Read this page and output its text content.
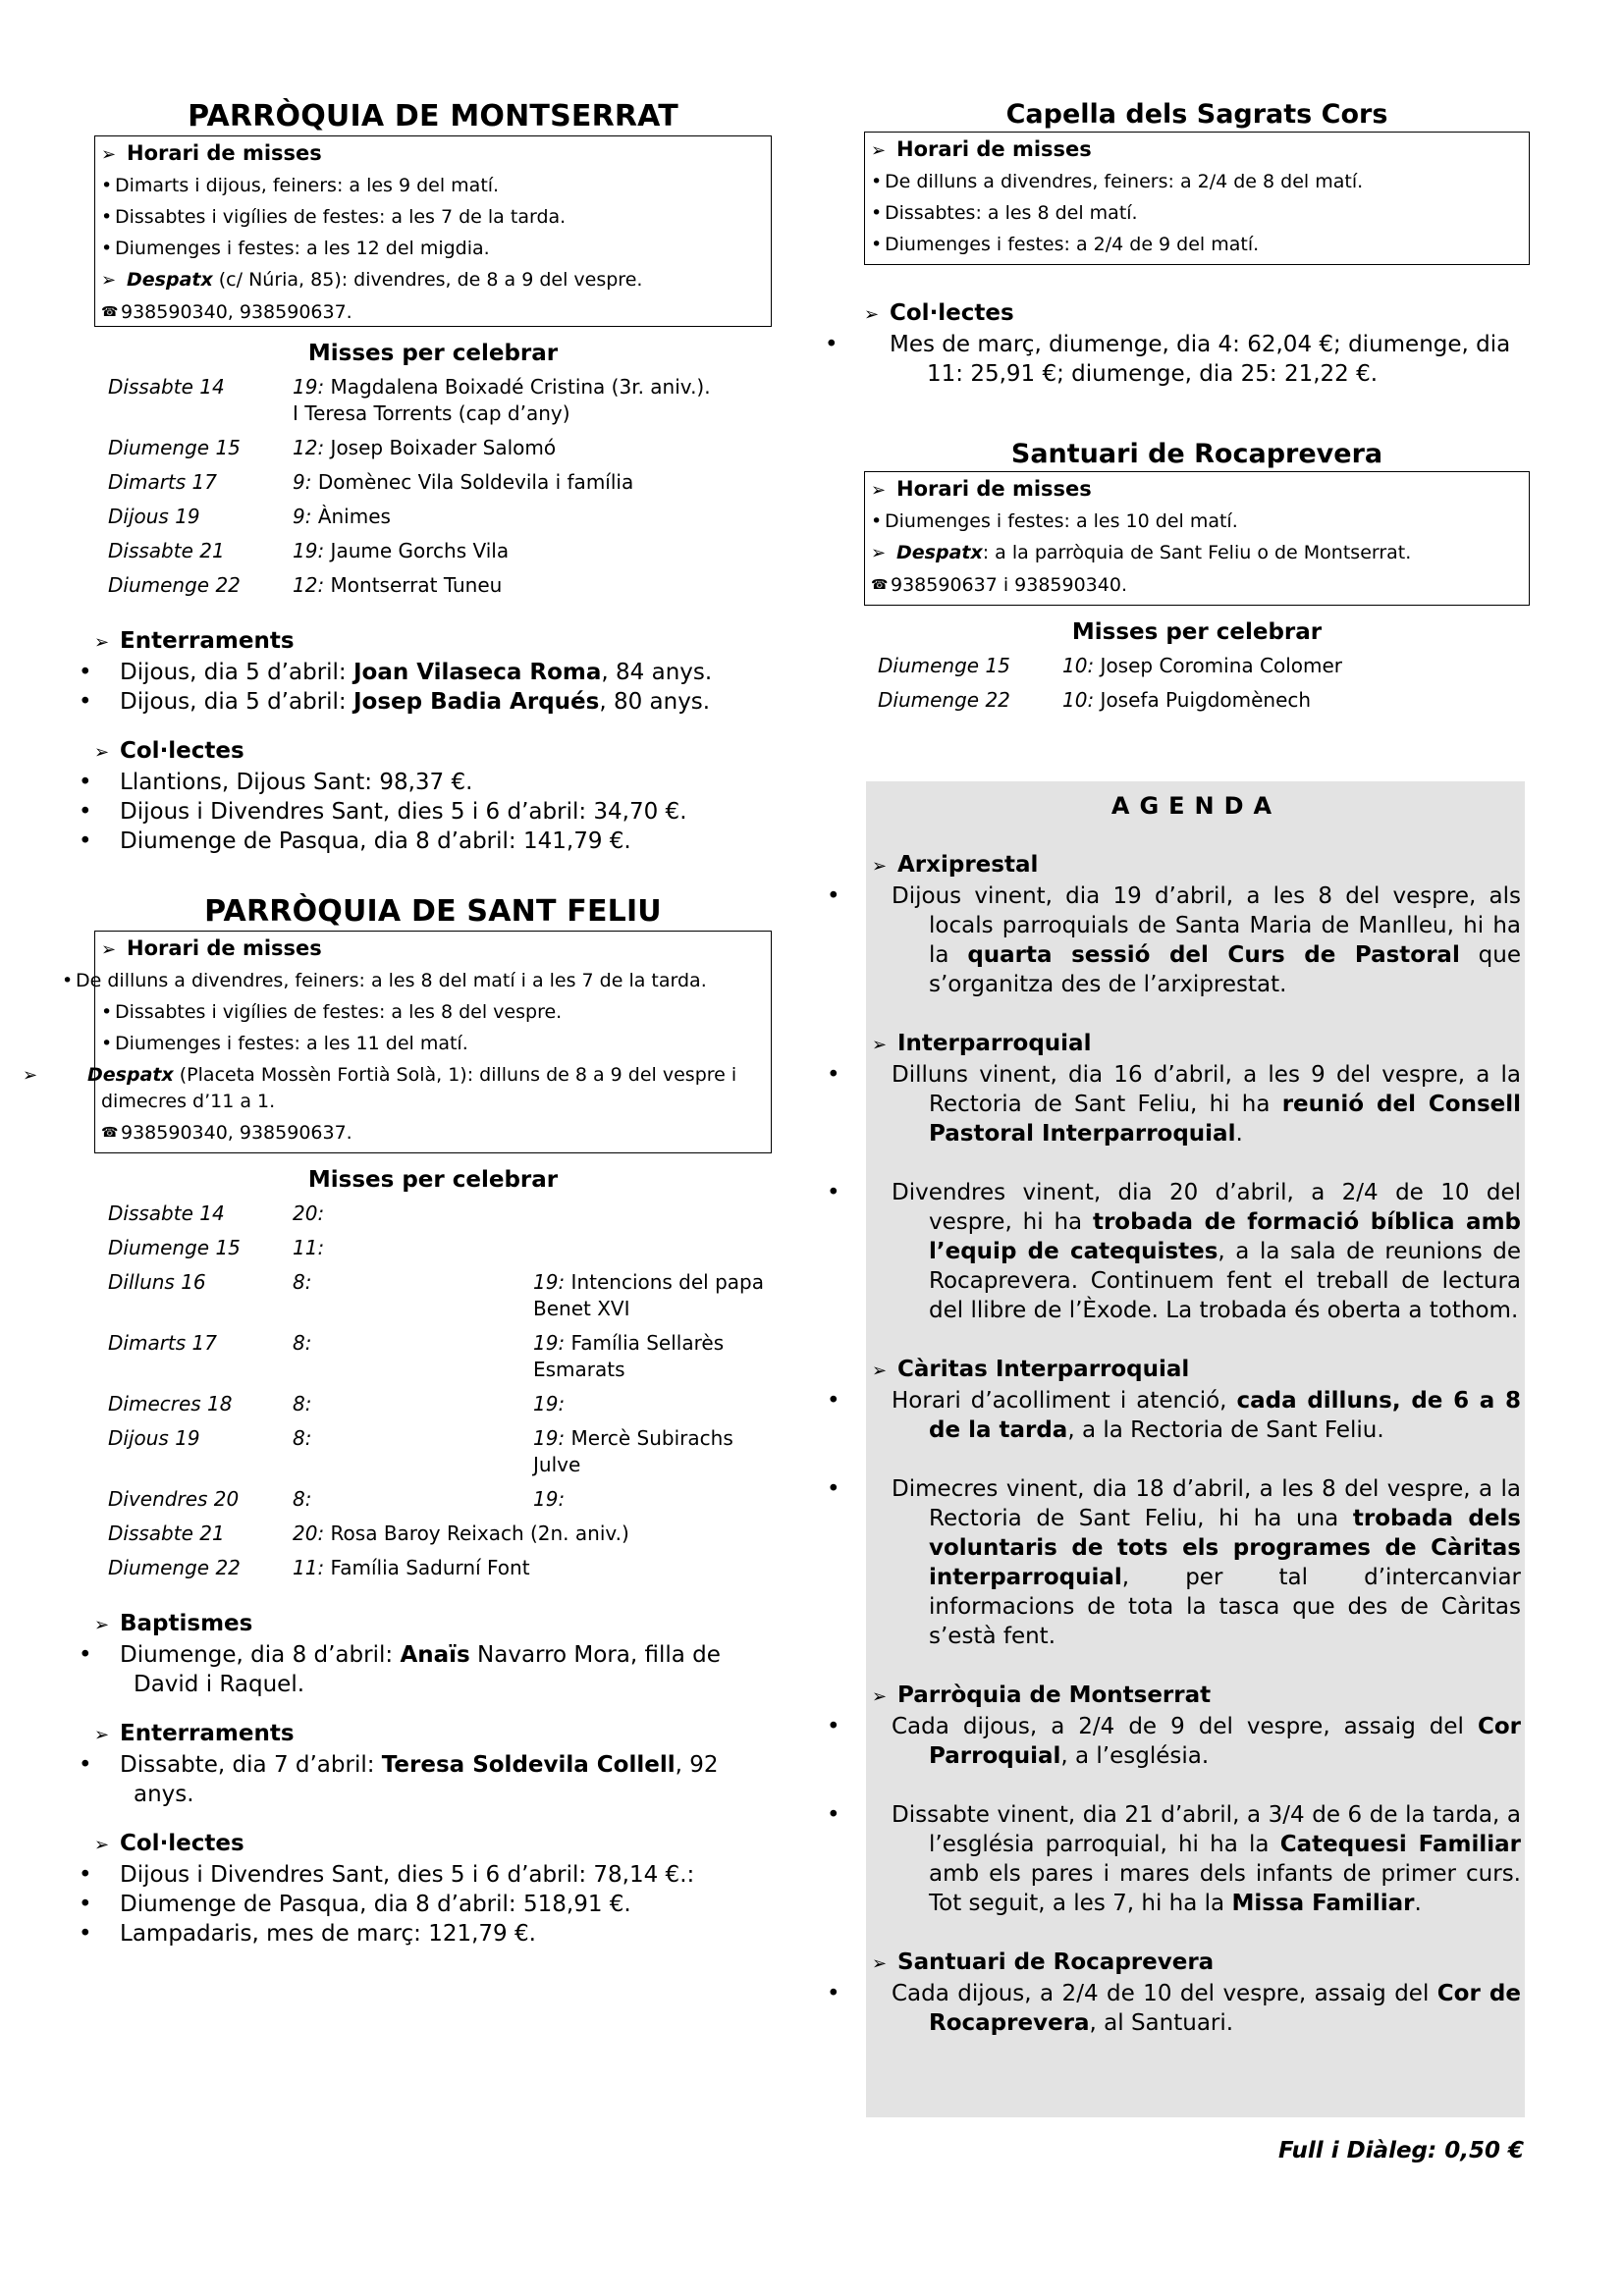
PARRÒQUIA DE MONTSERRAT
➢ Horari de misses
• Dimarts i dijous, feiners: a les 9 del matí.
• Dissabtes i vigílies de festes: a les 7 de la tarda.
• Diumenges i festes: a les 12 del migdia.
➢ Despatx (c/ Núria, 85): divendres, de 8 a 9 del vespre.
☎ 938590340, 938590637.
Misses per celebrar
Dissabte 14	19: Magdalena Boixadé Cristina (3r. aniv.).
I Teresa Torrents (cap d’any)
Diumenge 15	12: Josep Boixader Salomó
Dimarts 17	9: Domènec Vila Soldevila i família
Dijous 19	9: Ànimes
Dissabte 21	19: Jaume Gorchs Vila
Diumenge 22	12: Montserrat Tuneu
➢ Enterraments
• Dijous, dia 5 d’abril: Joan Vilaseca Roma, 84 anys.
• Dijous, dia 5 d’abril: Josep Badia Arqués, 80 anys.
➢ Col·lectes
• Llantions, Dijous Sant: 98,37 €.
• Dijous i Divendres Sant, dies 5 i 6 d’abril: 34,70 €.
• Diumenge de Pasqua, dia 8 d’abril: 141,79 €.
PARRÒQUIA DE SANT FELIU
➢ Horari de misses
• De dilluns a divendres, feiners: a les 8 del matí i a les 7 de la tarda.
• Dissabtes i vigílies de festes: a les 8 del vespre.
• Diumenges i festes: a les 11 del matí.
➢	Despatx (Placeta Mossèn Fortià Solà, 1): dilluns de 8 a 9 del vespre i dimecres d’11 a 1.
☎ 938590340, 938590637.
Misses per celebrar
Dissabte 14	20:	
Diumenge 15	11:	
Dilluns 16	8:	19: Intencions del papa Benet XVI
Dimarts 17	8:	19: Família Sellarès Esmarats
Dimecres 18	8:	19:
Dijous 19	8:	19: Mercè Subirachs Julve
Divendres 20	8:	19:
Dissabte 21	20: Rosa Baroy Reixach (2n. aniv.)	
Diumenge 22	11: Família Sadurní Font	
➢ Baptismes
• Diumenge, dia 8 d’abril: Anaïs Navarro Mora, filla de David i Raquel.
➢ Enterraments
• Dissabte, dia 7 d’abril: Teresa Soldevila Collell, 92 anys.
➢ Col·lectes
• Dijous i Divendres Sant, dies 5 i 6 d’abril: 78,14 €.:
• Diumenge de Pasqua, dia 8 d’abril: 518,91 €.
• Lampadaris, mes de març: 121,79 €.
Capella dels Sagrats Cors
➢ Horari de misses
• De dilluns a divendres, feiners: a 2/4 de 8 del matí.
• Dissabtes: a les 8 del matí.
• Diumenges i festes: a 2/4 de 9 del matí.
➢ Col·lectes
• Mes de març, diumenge, dia 4: 62,04 €; diumenge, dia 11: 25,91 €; diumenge, dia 25: 21,22 €.
Santuari de Rocaprevera
➢ Horari de misses
• Diumenges i festes: a les 10 del matí.
➢ Despatx: a la parròquia de Sant Feliu o de Montserrat.
☎ 938590637 i 938590340.
Misses per celebrar
Diumenge 15	10: Josep Coromina Colomer
Diumenge 22	10: Josefa Puigdomènech
AGENDA
➢ Arxiprestal
• Dijous vinent, dia 19 d’abril, a les 8 del vespre, als locals parroquials de Santa Maria de Manlleu, hi ha la quarta sessió del Curs de Pastoral que s’organitza des de l’arxiprestat.
➢ Interparroquial
• Dilluns vinent, dia 16 d’abril, a les 9 del vespre, a la Rectoria de Sant Feliu, hi ha reunió del Consell Pastoral Interparroquial.
• Divendres vinent, dia 20 d’abril, a 2/4 de 10 del vespre, hi ha trobada de formació bíblica amb l’equip de catequistes, a la sala de reunions de Rocaprevera. Continuem fent el treball de lectura del llibre de l’Èxode. La trobada és oberta a tothom.
➢ Càritas Interparroquial
• Horari d’acolliment i atenció, cada dilluns, de 6 a 8 de la tarda, a la Rectoria de Sant Feliu.
• Dimecres vinent, dia 18 d’abril, a les 8 del vespre, a la Rectoria de Sant Feliu, hi ha una trobada dels voluntaris de tots els programes de Càritas interparroquial, per tal d’intercanviar informacions de tota la tasca que des de Càritas s’està fent.
➢ Parròquia de Montserrat
• Cada dijous, a 2/4 de 9 del vespre, assaig del Cor Parroquial, a l’església.
• Dissabte vinent, dia 21 d’abril, a 3/4 de 6 de la tarda, a l’església parroquial, hi ha la Catequesi Familiar amb els pares i mares dels infants de primer curs. Tot seguit, a les 7, hi ha la Missa Familiar.
➢ Santuari de Rocaprevera
• Cada dijous, a 2/4 de 10 del vespre, assaig del Cor de Rocaprevera, al Santuari.
Full i Diàleg: 0,50 €
